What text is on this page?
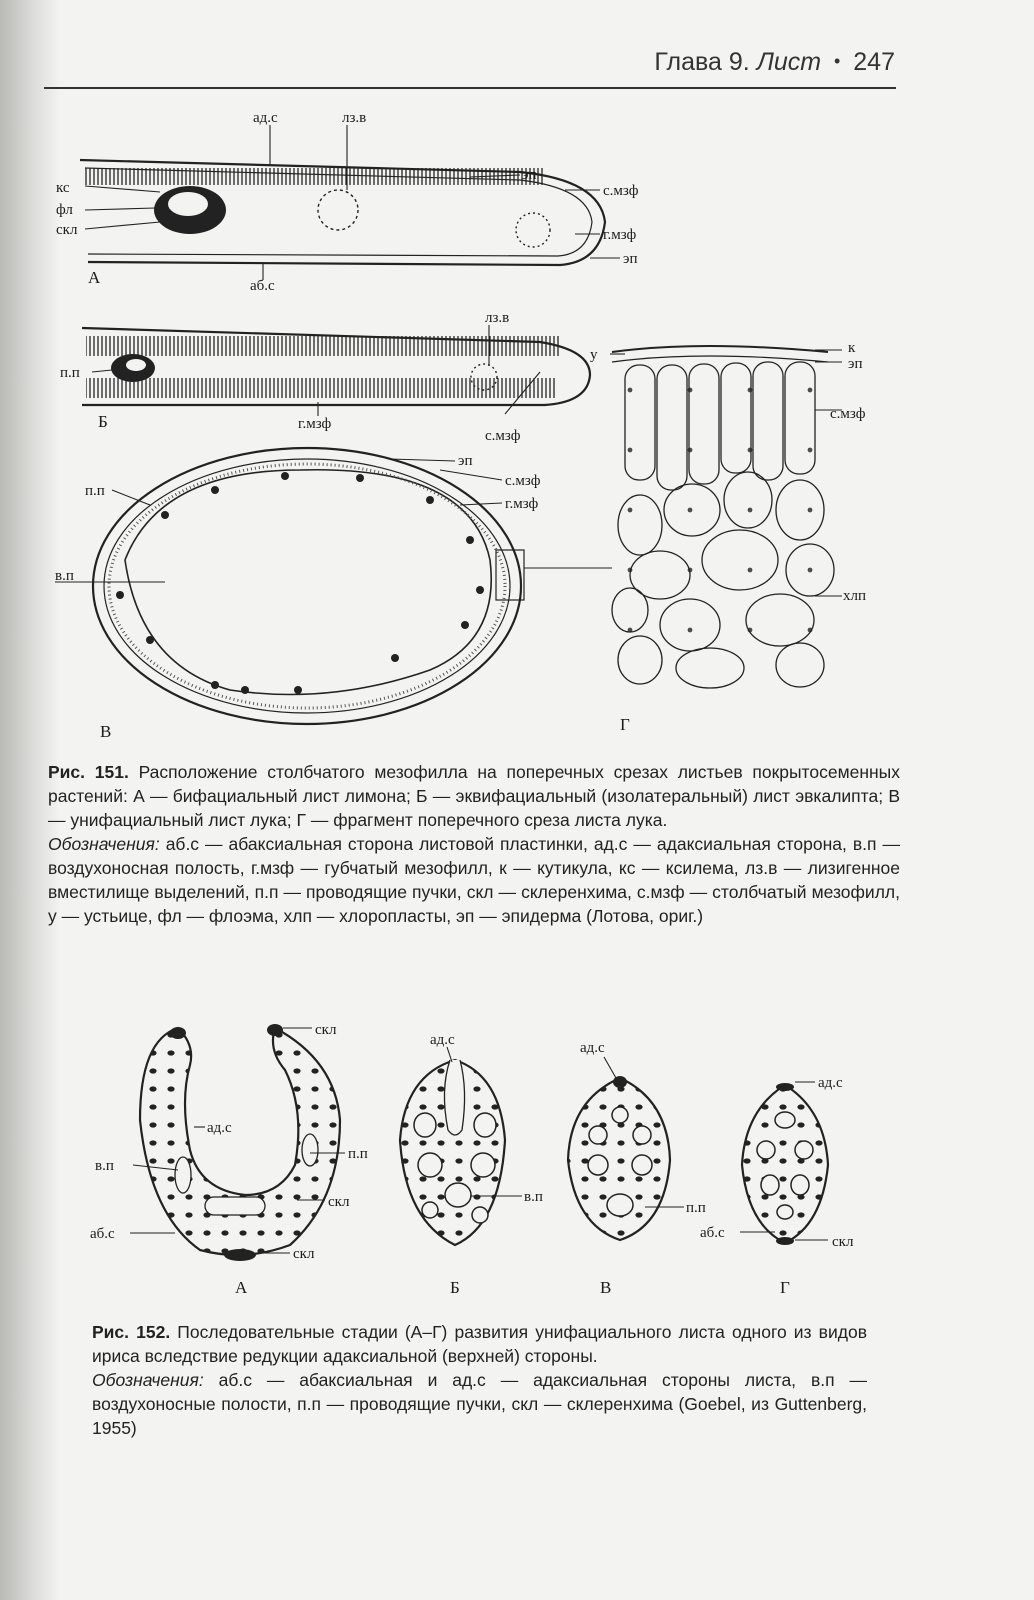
Глава 9. Лист • 247
ад.с	лз.в
кс
фл
скл
эп
с.мзф
г.мзф
эп
аб.с
А
лз.в
п.п
г.мзф
с.мзф
Б
эп
с.мзф
г.мзф
п.п
в.п
В
у	к
эп
с.мзф
хлп
Г
Рис. 151. Расположение столбчатого мезофилла на поперечных срезах листьев покрытосеменных растений: А — бифациальный лист лимона; Б — эквифациальный (изолатеральный) лист эвкалипта; В — унифациальный лист лука; Г — фрагмент поперечного среза листа лука.
Обозначения: аб.с — абаксиальная сторона листовой пластинки, ад.с — адаксиальная сторона, в.п — воздухоносная полость, г.мзф — губчатый мезофилл, к — кутикула, кс — ксилема, лз.в — лизигенное вместилище выделений, п.п — проводящие пучки, скл — склеренхима, с.мзф — столбчатый мезофилл, у — устьице, фл — флоэма, хлп — хлоропласты, эп — эпидерма (Лотова, ориг.)
скл
ад.с
п.п
в.п
скл
аб.с
скл
А
ад.с
в.п
Б
ад.с
п.п
В
ад.с
аб.с
скл
Г
Рис. 152. Последовательные стадии (А–Г) развития унифациального листа одного из видов ириса вследствие редукции адаксиальной (верхней) стороны.
Обозначения: аб.с — абаксиальная и ад.с — адаксиальная стороны листа, в.п — воздухоносные полости, п.п — проводящие пучки, скл — склеренхима (Goebel, из Guttenberg, 1955)
